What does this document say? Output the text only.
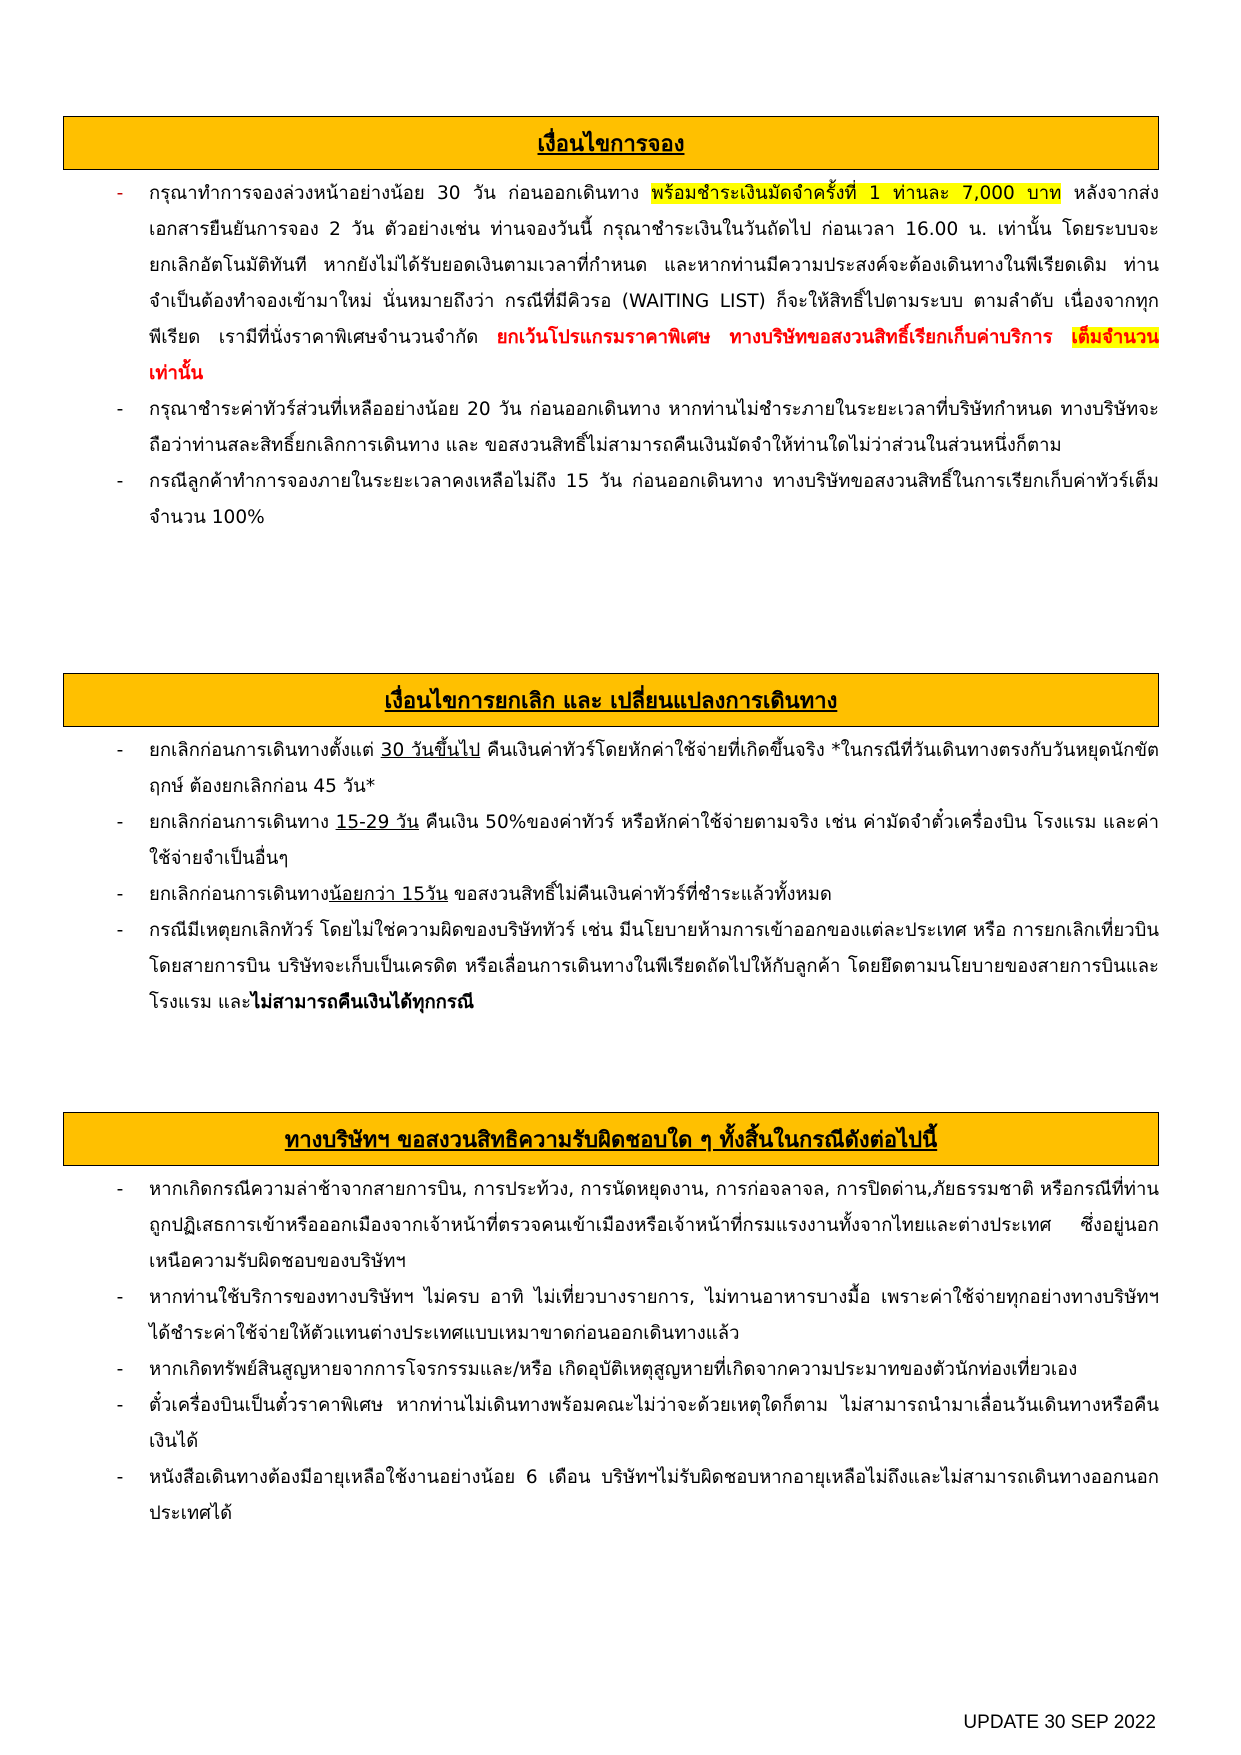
เงื่อนไขการจอง
- กรุณาทำการจองล่วงหน้าอย่างน้อย 30 วัน ก่อนออกเดินทาง พร้อมชำระเงินมัดจำครั้งที่ 1 ท่านละ 7,000 บาท หลังจากส่งเอกสารยืนยันการจอง 2 วัน ตัวอย่างเช่น ท่านจองวันนี้ กรุณาชำระเงินในวันถัดไป ก่อนเวลา 16.00 น. เท่านั้น โดยระบบจะยกเลิกอัตโนมัติทันที หากยังไม่ได้รับยอดเงินตามเวลาที่กำหนด และหากท่านมีความประสงค์จะต้องเดินทางในพีเรียดเดิม ท่านจำเป็นต้องทำจองเข้ามาใหม่ นั่นหมายถึงว่า กรณีที่มีคิวรอ (WAITING LIST) ก็จะให้สิทธิ์ไปตามระบบ ตามลำดับ เนื่องจากทุกพีเรียด เรามีที่นั่งราคาพิเศษจำนวนจำกัด ยกเว้นโปรแกรมราคาพิเศษ ทางบริษัทขอสงวนสิทธิ์เรียกเก็บค่าบริการ เต็มจำนวน เท่านั้น
- กรุณาชำระค่าทัวร์ส่วนที่เหลืออย่างน้อย 20 วัน ก่อนออกเดินทาง หากท่านไม่ชำระภายในระยะเวลาที่บริษัทกำหนด ทางบริษัทจะถือว่าท่านสละสิทธิ์ยกเลิกการเดินทาง และ ขอสงวนสิทธิ์ไม่สามารถคืนเงินมัดจำให้ท่านใดไม่ว่าส่วนในส่วนหนึ่งก็ตาม
- กรณีลูกค้าทำการจองภายในระยะเวลาคงเหลือไม่ถึง 15 วัน ก่อนออกเดินทาง ทางบริษัทขอสงวนสิทธิ์ในการเรียกเก็บค่าทัวร์เต็มจำนวน 100%
เงื่อนไขการยกเลิก และ เปลี่ยนแปลงการเดินทาง
- ยกเลิกก่อนการเดินทางตั้งแต่ 30 วันขึ้นไป คืนเงินค่าทัวร์โดยหักค่าใช้จ่ายที่เกิดขึ้นจริง *ในกรณีที่วันเดินทางตรงกับวันหยุดนักขัตฤกษ์ ต้องยกเลิกก่อน 45 วัน*
- ยกเลิกก่อนการเดินทาง 15-29 วัน คืนเงิน 50%ของค่าทัวร์ หรือหักค่าใช้จ่ายตามจริง เช่น ค่ามัดจำตั๋วเครื่องบิน โรงแรม และค่าใช้จ่ายจำเป็นอื่นๆ
- ยกเลิกก่อนการเดินทางน้อยกว่า 15วัน ขอสงวนสิทธิ์ไม่คืนเงินค่าทัวร์ที่ชำระแล้วทั้งหมด
- กรณีมีเหตุยกเลิกทัวร์ โดยไม่ใช่ความผิดของบริษัททัวร์ เช่น มีนโยบายห้ามการเข้าออกของแต่ละประเทศ หรือ การยกเลิกเที่ยวบินโดยสายการบิน บริษัทจะเก็บเป็นเครดิต หรือเลื่อนการเดินทางในพีเรียดถัดไปให้กับลูกค้า โดยยึดตามนโยบายของสายการบินและโรงแรม และไม่สามารถคืนเงินได้ทุกกรณี
ทางบริษัทฯ ขอสงวนสิทธิความรับผิดชอบใด ๆ ทั้งสิ้นในกรณีดังต่อไปนี้
- หากเกิดกรณีความล่าช้าจากสายการบิน, การประท้วง, การนัดหยุดงาน, การก่อจลาจล, การปิดด่าน,ภัยธรรมชาติ หรือกรณีที่ท่านถูกปฏิเสธการเข้าหรือออกเมืองจากเจ้าหน้าที่ตรวจคนเข้าเมืองหรือเจ้าหน้าที่กรมแรงงานทั้งจากไทยและต่างประเทศ ซึ่งอยู่นอกเหนือความรับผิดชอบของบริษัทฯ
- หากท่านใช้บริการของทางบริษัทฯ ไม่ครบ อาทิ ไม่เที่ยวบางรายการ, ไม่ทานอาหารบางมื้อ เพราะค่าใช้จ่ายทุกอย่างทางบริษัทฯ ได้ชำระค่าใช้จ่ายให้ตัวแทนต่างประเทศแบบเหมาขาดก่อนออกเดินทางแล้ว
- หากเกิดทรัพย์สินสูญหายจากการโจรกรรมและ/หรือ เกิดอุบัติเหตุสูญหายที่เกิดจากความประมาทของตัวนักท่องเที่ยวเอง
- ตั๋วเครื่องบินเป็นตั๋วราคาพิเศษ หากท่านไม่เดินทางพร้อมคณะไม่ว่าจะด้วยเหตุใดก็ตาม ไม่สามารถนำมาเลื่อนวันเดินทางหรือคืนเงินได้
- หนังสือเดินทางต้องมีอายุเหลือใช้งานอย่างน้อย 6 เดือน บริษัทฯไม่รับผิดชอบหากอายุเหลือไม่ถึงและไม่สามารถเดินทางออกนอกประเทศได้
UPDATE 30 SEP 2022
